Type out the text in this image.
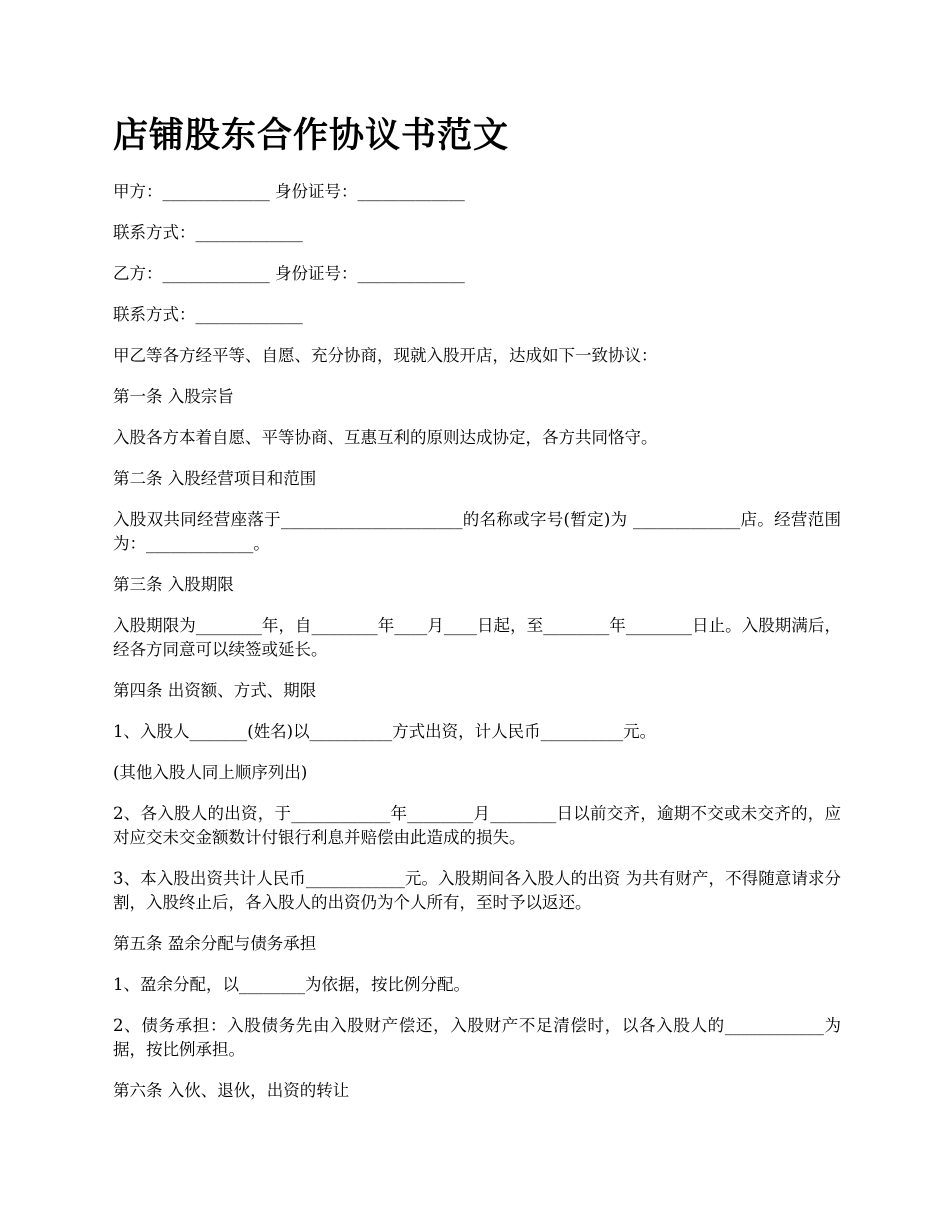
店铺股东合作协议书范文

甲方：_____________ 身份证号：_____________

联系方式：_____________

乙方：_____________ 身份证号：_____________

联系方式：_____________

甲乙等各方经平等、自愿、充分协商，现就入股开店，达成如下一致协议：

第一条 入股宗旨

入股各方本着自愿、平等协商、互惠互利的原则达成协定，各方共同恪守。

第二条 入股经营项目和范围

入股双共同经营座落于______________________的名称或字号(暂定)为 _____________店。经营范围为：_____________。

第三条 入股期限

入股期限为________年，自________年____月____日起，至________年________日止。入股期满后，经各方同意可以续签或延长。

第四条 出资额、方式、期限

1、入股人_______(姓名)以__________方式出资，计人民币__________元。

(其他入股人同上顺序列出)

2、各入股人的出资，于____________年________月________日以前交齐，逾期不交或未交齐的，应对应交未交金额数计付银行利息并赔偿由此造成的损失。

3、本入股出资共计人民币____________元。入股期间各入股人的出资 为共有财产，不得随意请求分割，入股终止后，各入股人的出资仍为个人所有，至时予以返还。

第五条 盈余分配与债务承担

1、盈余分配，以________为依据，按比例分配。

2、债务承担：入股债务先由入股财产偿还，入股财产不足清偿时，以各入股人的____________为据，按比例承担。

第六条 入伙、退伙，出资的转让
